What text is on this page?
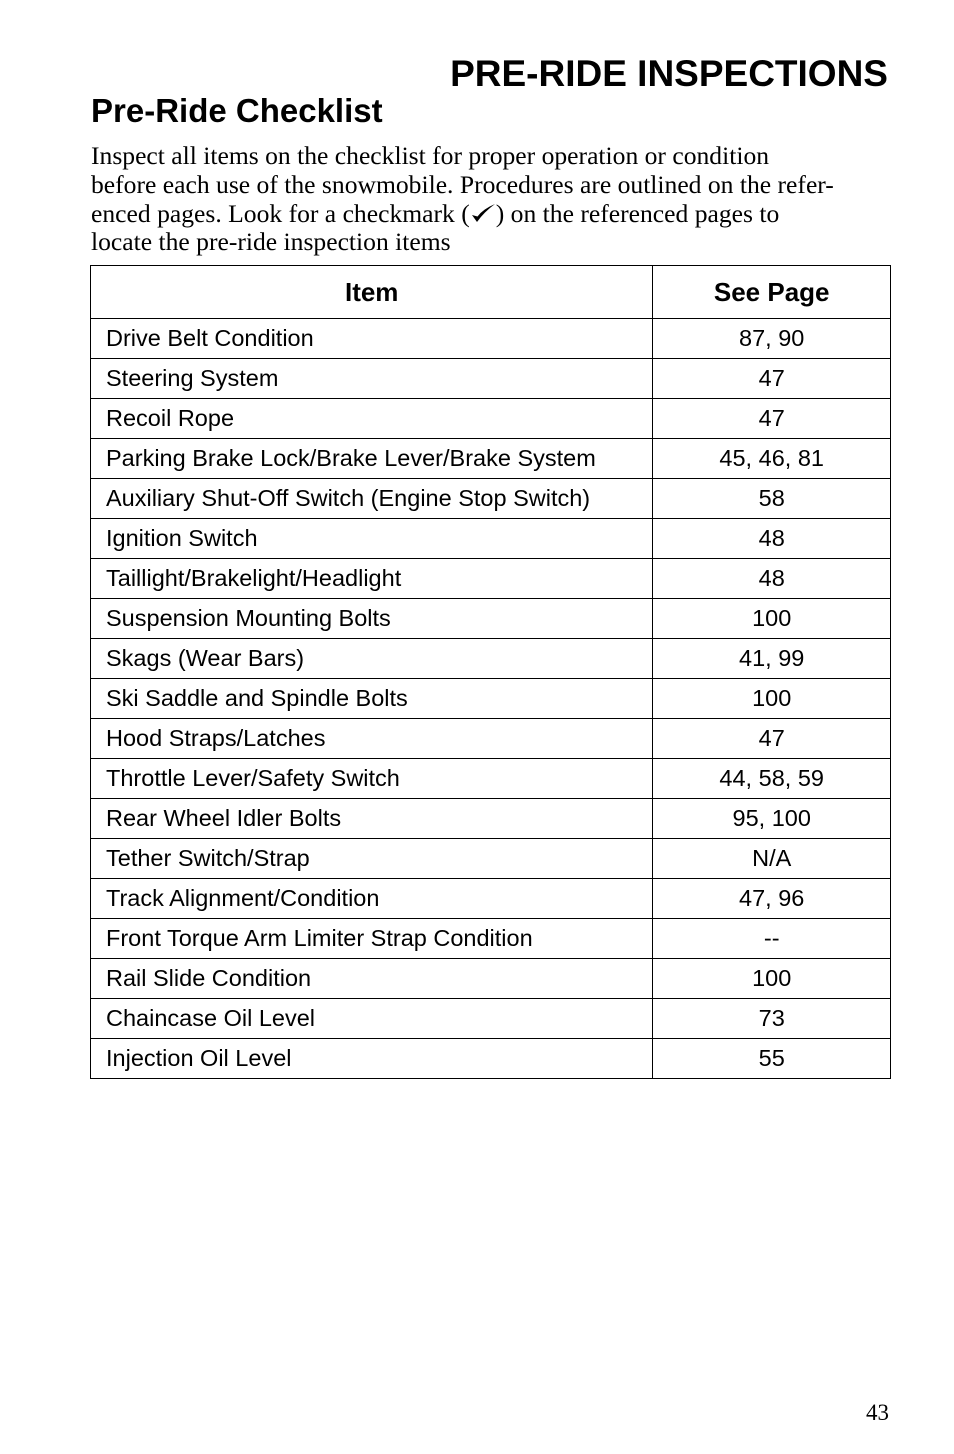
PRE-RIDE INSPECTIONS
Pre-Ride Checklist

Inspect all items on the checklist for proper operation or condition
before each use of the snowmobile. Procedures are outlined on the refer-
enced pages. Look for a checkmark ( ) on the referenced pages to
locate the pre-ride inspection items

Item	See Page
Drive Belt Condition	87, 90
Steering System	47
Recoil Rope	47
Parking Brake Lock/Brake Lever/Brake System	45, 46, 81
Auxiliary Shut-Off Switch (Engine Stop Switch)	58
Ignition Switch	48
Taillight/Brakelight/Headlight	48
Suspension Mounting Bolts	100
Skags (Wear Bars)	41, 99
Ski Saddle and Spindle Bolts	100
Hood Straps/Latches	47
Throttle Lever/Safety Switch	44, 58, 59
Rear Wheel Idler Bolts	95, 100
Tether Switch/Strap	N/A
Track Alignment/Condition	47, 96
Front Torque Arm Limiter Strap Condition	--
Rail Slide Condition	100
Chaincase Oil Level	73
Injection Oil Level	55
43
